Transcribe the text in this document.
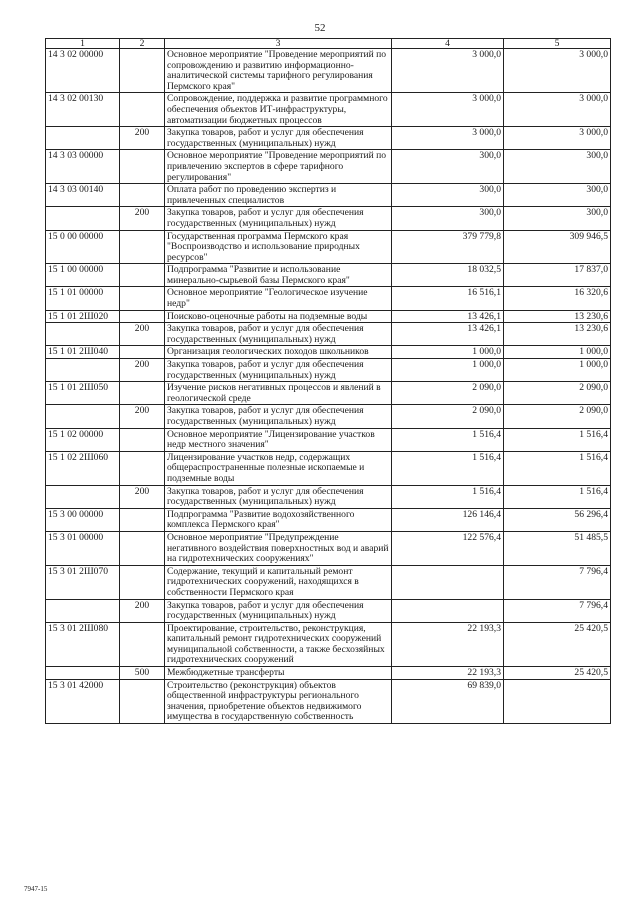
52
1	2	3	4	5
14 3 02 00000		Основное мероприятие "Проведение мероприятий по сопровождению и развитию информационно-аналитической системы тарифного регулирования Пермского края"	3 000,0	3 000,0
14 3 02 00130		Сопровождение, поддержка и развитие программного обеспечения объектов ИТ-инфраструктуры, автоматизации бюджетных процессов	3 000,0	3 000,0
	200	Закупка товаров, работ и услуг для обеспечения государственных (муниципальных) нужд	3 000,0	3 000,0
14 3 03 00000		Основное мероприятие "Проведение мероприятий по привлечению экспертов в сфере тарифного регулирования"	300,0	300,0
14 3 03 00140		Оплата работ по проведению экспертиз и привлеченных специалистов	300,0	300,0
	200	Закупка товаров, работ и услуг для обеспечения государственных (муниципальных) нужд	300,0	300,0
15 0 00 00000		Государственная программа Пермского края "Воспроизводство и использование природных ресурсов"	379 779,8	309 946,5
15 1 00 00000		Подпрограмма "Развитие и использование минерально-сырьевой базы Пермского края"	18 032,5	17 837,0
15 1 01 00000		Основное мероприятие "Геологическое изучение недр"	16 516,1	16 320,6
15 1 01 2Ш020		Поисково-оценочные работы на подземные воды	13 426,1	13 230,6
	200	Закупка товаров, работ и услуг для обеспечения государственных (муниципальных) нужд	13 426,1	13 230,6
15 1 01 2Ш040		Организация геологических походов школьников	1 000,0	1 000,0
	200	Закупка товаров, работ и услуг для обеспечения государственных (муниципальных) нужд	1 000,0	1 000,0
15 1 01 2Ш050		Изучение рисков негативных процессов и явлений в геологической среде	2 090,0	2 090,0
	200	Закупка товаров, работ и услуг для обеспечения государственных (муниципальных) нужд	2 090,0	2 090,0
15 1 02 00000		Основное мероприятие "Лицензирование участков недр местного значения"	1 516,4	1 516,4
15 1 02 2Ш060		Лицензирование участков недр, содержащих общераспространенные полезные ископаемые и подземные воды	1 516,4	1 516,4
	200	Закупка товаров, работ и услуг для обеспечения государственных (муниципальных) нужд	1 516,4	1 516,4
15 3 00 00000		Подпрограмма "Развитие водохозяйственного комплекса Пермского края"	126 146,4	56 296,4
15 3 01 00000		Основное мероприятие "Предупреждение негативного воздействия поверхностных вод и аварий на гидротехнических сооружениях"	122 576,4	51 485,5
15 3 01 2Ш070		Содержание, текущий и капитальный ремонт гидротехнических сооружений, находящихся в собственности Пермского края		7 796,4
	200	Закупка товаров, работ и услуг для обеспечения государственных (муниципальных) нужд		7 796,4
15 3 01 2Ш080		Проектирование, строительство, реконструкция, капитальный ремонт гидротехнических сооружений муниципальной собственности, а также бесхозяйных гидротехнических сооружений	22 193,3	25 420,5
	500	Межбюджетные трансферты	22 193,3	25 420,5
15 3 01 42000		Строительство (реконструкция) объектов общественной инфраструктуры регионального значения, приобретение объектов недвижимого имущества в государственную собственность	69 839,0	
7947-15
